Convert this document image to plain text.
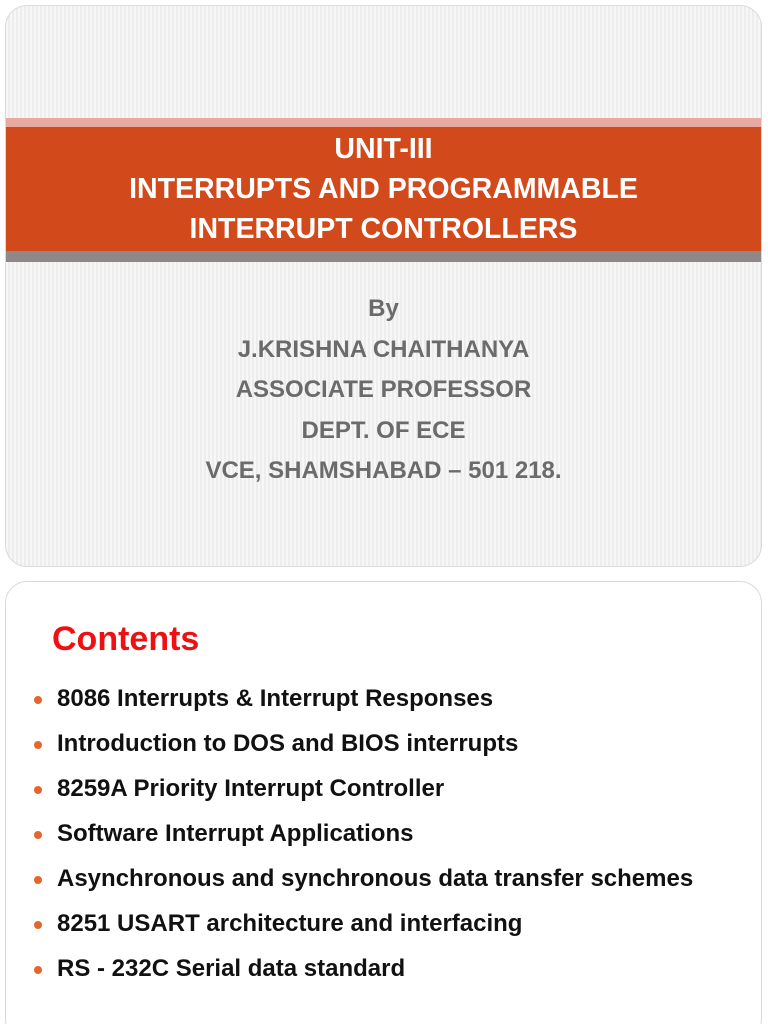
UNIT-III
INTERRUPTS AND PROGRAMMABLE
INTERRUPT CONTROLLERS
By
J.KRISHNA CHAITHANYA
ASSOCIATE PROFESSOR
DEPT. OF ECE
VCE, SHAMSHABAD – 501 218.
Contents
8086 Interrupts & Interrupt Responses
Introduction to DOS and BIOS interrupts
8259A Priority Interrupt Controller
Software Interrupt Applications
Asynchronous and synchronous data transfer schemes
8251 USART architecture and interfacing
RS - 232C Serial data standard
